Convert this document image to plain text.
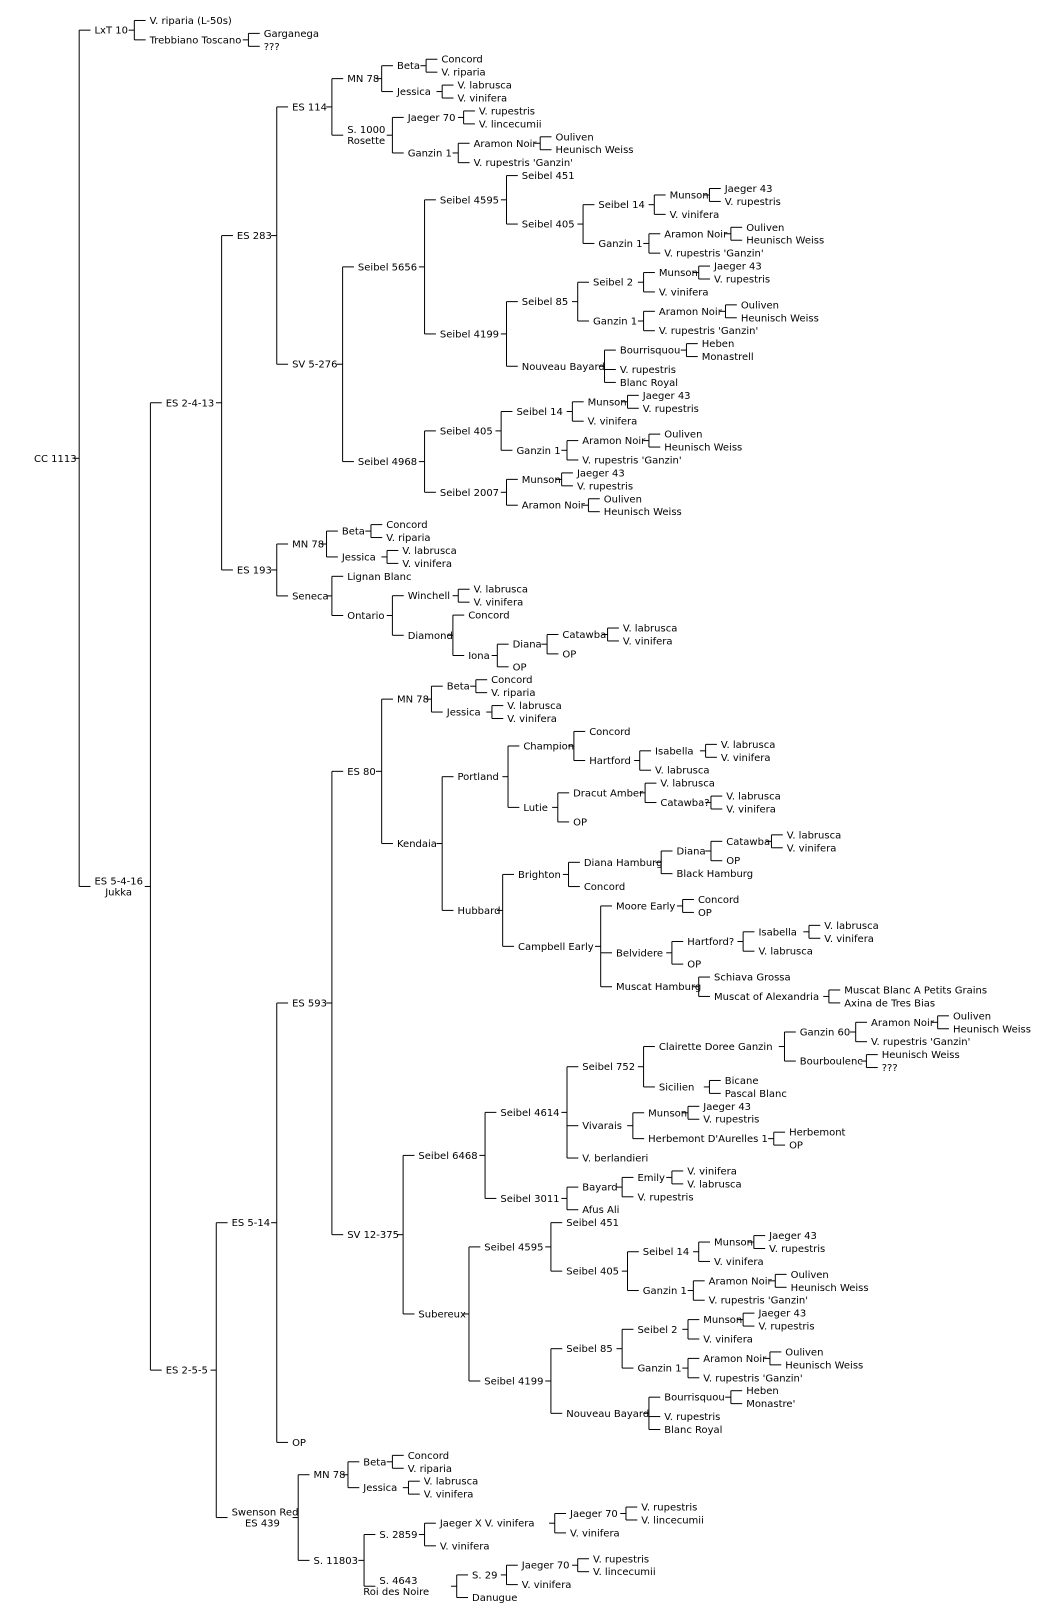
CC 1113
LxT 10
V. riparia (L-50s)
Trebbiano Toscano
Garganega
???
ES 5-4-16 Jukka
ES 2-4-13
ES 283
ES 114
MN 78
Beta
Concord
V. riparia
Jessica
V. labrusca
V. vinifera
S. 1000 Rosette
Jaeger 70
V. rupestris
V. lincecumii
Ganzin 1
Aramon Noir
Ouliven
Heunisch Weiss
V. rupestris 'Ganzin'
SV 5-276
Seibel 5656
Seibel 4595
Seibel 451
Seibel 405
Seibel 14
Munson
Jaeger 43
V. rupestris
V. vinifera
Ganzin 1
Aramon Noir
Ouliven
Heunisch Weiss
V. rupestris 'Ganzin'
Seibel 4199
Seibel 85
Seibel 2
Munson
Jaeger 43
V. rupestris
V. vinifera
Ganzin 1
Aramon Noir
Ouliven
Heunisch Weiss
V. rupestris 'Ganzin'
Nouveau Bayard
Bourrisquou
Heben
Monastrell
V. rupestris
Blanc Royal
Seibel 4968
Seibel 405
Seibel 14
Munson
Jaeger 43
V. rupestris
V. vinifera
Ganzin 1
Aramon Noir
Ouliven
Heunisch Weiss
V. rupestris 'Ganzin'
Seibel 2007
Munson
Jaeger 43
V. rupestris
Aramon Noir
Ouliven
Heunisch Weiss
ES 193
MN 78
Beta
Concord
V. riparia
Jessica
V. labrusca
V. vinifera
Seneca
Lignan Blanc
Ontario
Winchell
V. labrusca
V. vinifera
Diamond
Concord
Iona
Diana
Catawba
V. labrusca
V. vinifera
OP
OP
ES 2-5-5
ES 5-14
ES 593
ES 80
MN 78
Beta
Concord
V. riparia
Jessica
V. labrusca
V. vinifera
Kendaia
Portland
Champion
Concord
Hartford
Isabella
V. labrusca
V. vinifera
V. labrusca
Lutie
Dracut Amber
V. labrusca
Catawba?
V. labrusca
V. vinifera
OP
Hubbard
Brighton
Diana Hamburg
Diana
Catawba
V. labrusca
V. vinifera
OP
Black Hamburg
Concord
Campbell Early
Moore Early
Concord
OP
Belvidere
Hartford?
Isabella
V. labrusca
V. vinifera
V. labrusca
OP
Muscat Hamburg
Schiava Grossa
Muscat of Alexandria
Muscat Blanc A Petits Grains
Axina de Tres Bias
SV 12-375
Seibel 6468
Seibel 4614
Seibel 752
Clairette Doree Ganzin
Ganzin 60
Aramon Noir
Ouliven
Heunisch Weiss
V. rupestris 'Ganzin'
Bourboulenc
Heunisch Weiss
???
Sicilien
Bicane
Pascal Blanc
Vivarais
Munson
Jaeger 43
V. rupestris
Herbemont D'Aurelles 1
Herbemont
OP
V. berlandieri
Seibel 3011
Bayard
Emily
V. vinifera
V. labrusca
V. rupestris
Afus Ali
Subereux
Seibel 4595
Seibel 451
Seibel 405
Seibel 14
Munson
Jaeger 43
V. rupestris
V. vinifera
Ganzin 1
Aramon Noir
Ouliven
Heunisch Weiss
V. rupestris 'Ganzin'
Seibel 4199
Seibel 85
Seibel 2
Munson
Jaeger 43
V. rupestris
V. vinifera
Ganzin 1
Aramon Noir
Ouliven
Heunisch Weiss
V. rupestris 'Ganzin'
Nouveau Bayard
Bourrisquou
Heben
Monastre'
V. rupestris
Blanc Royal
OP
Swenson Red ES 439
MN 78
Beta
Concord
V. riparia
Jessica
V. labrusca
V. vinifera
S. 11803
S. 2859
Jaeger X V. vinifera
Jaeger 70
V. rupestris
V. lincecumii
V. vinifera
V. vinifera
S. 4643 Roi des Noire
S. 29
Jaeger 70
V. rupestris
V. lincecumii
V. vinifera
Danugue
